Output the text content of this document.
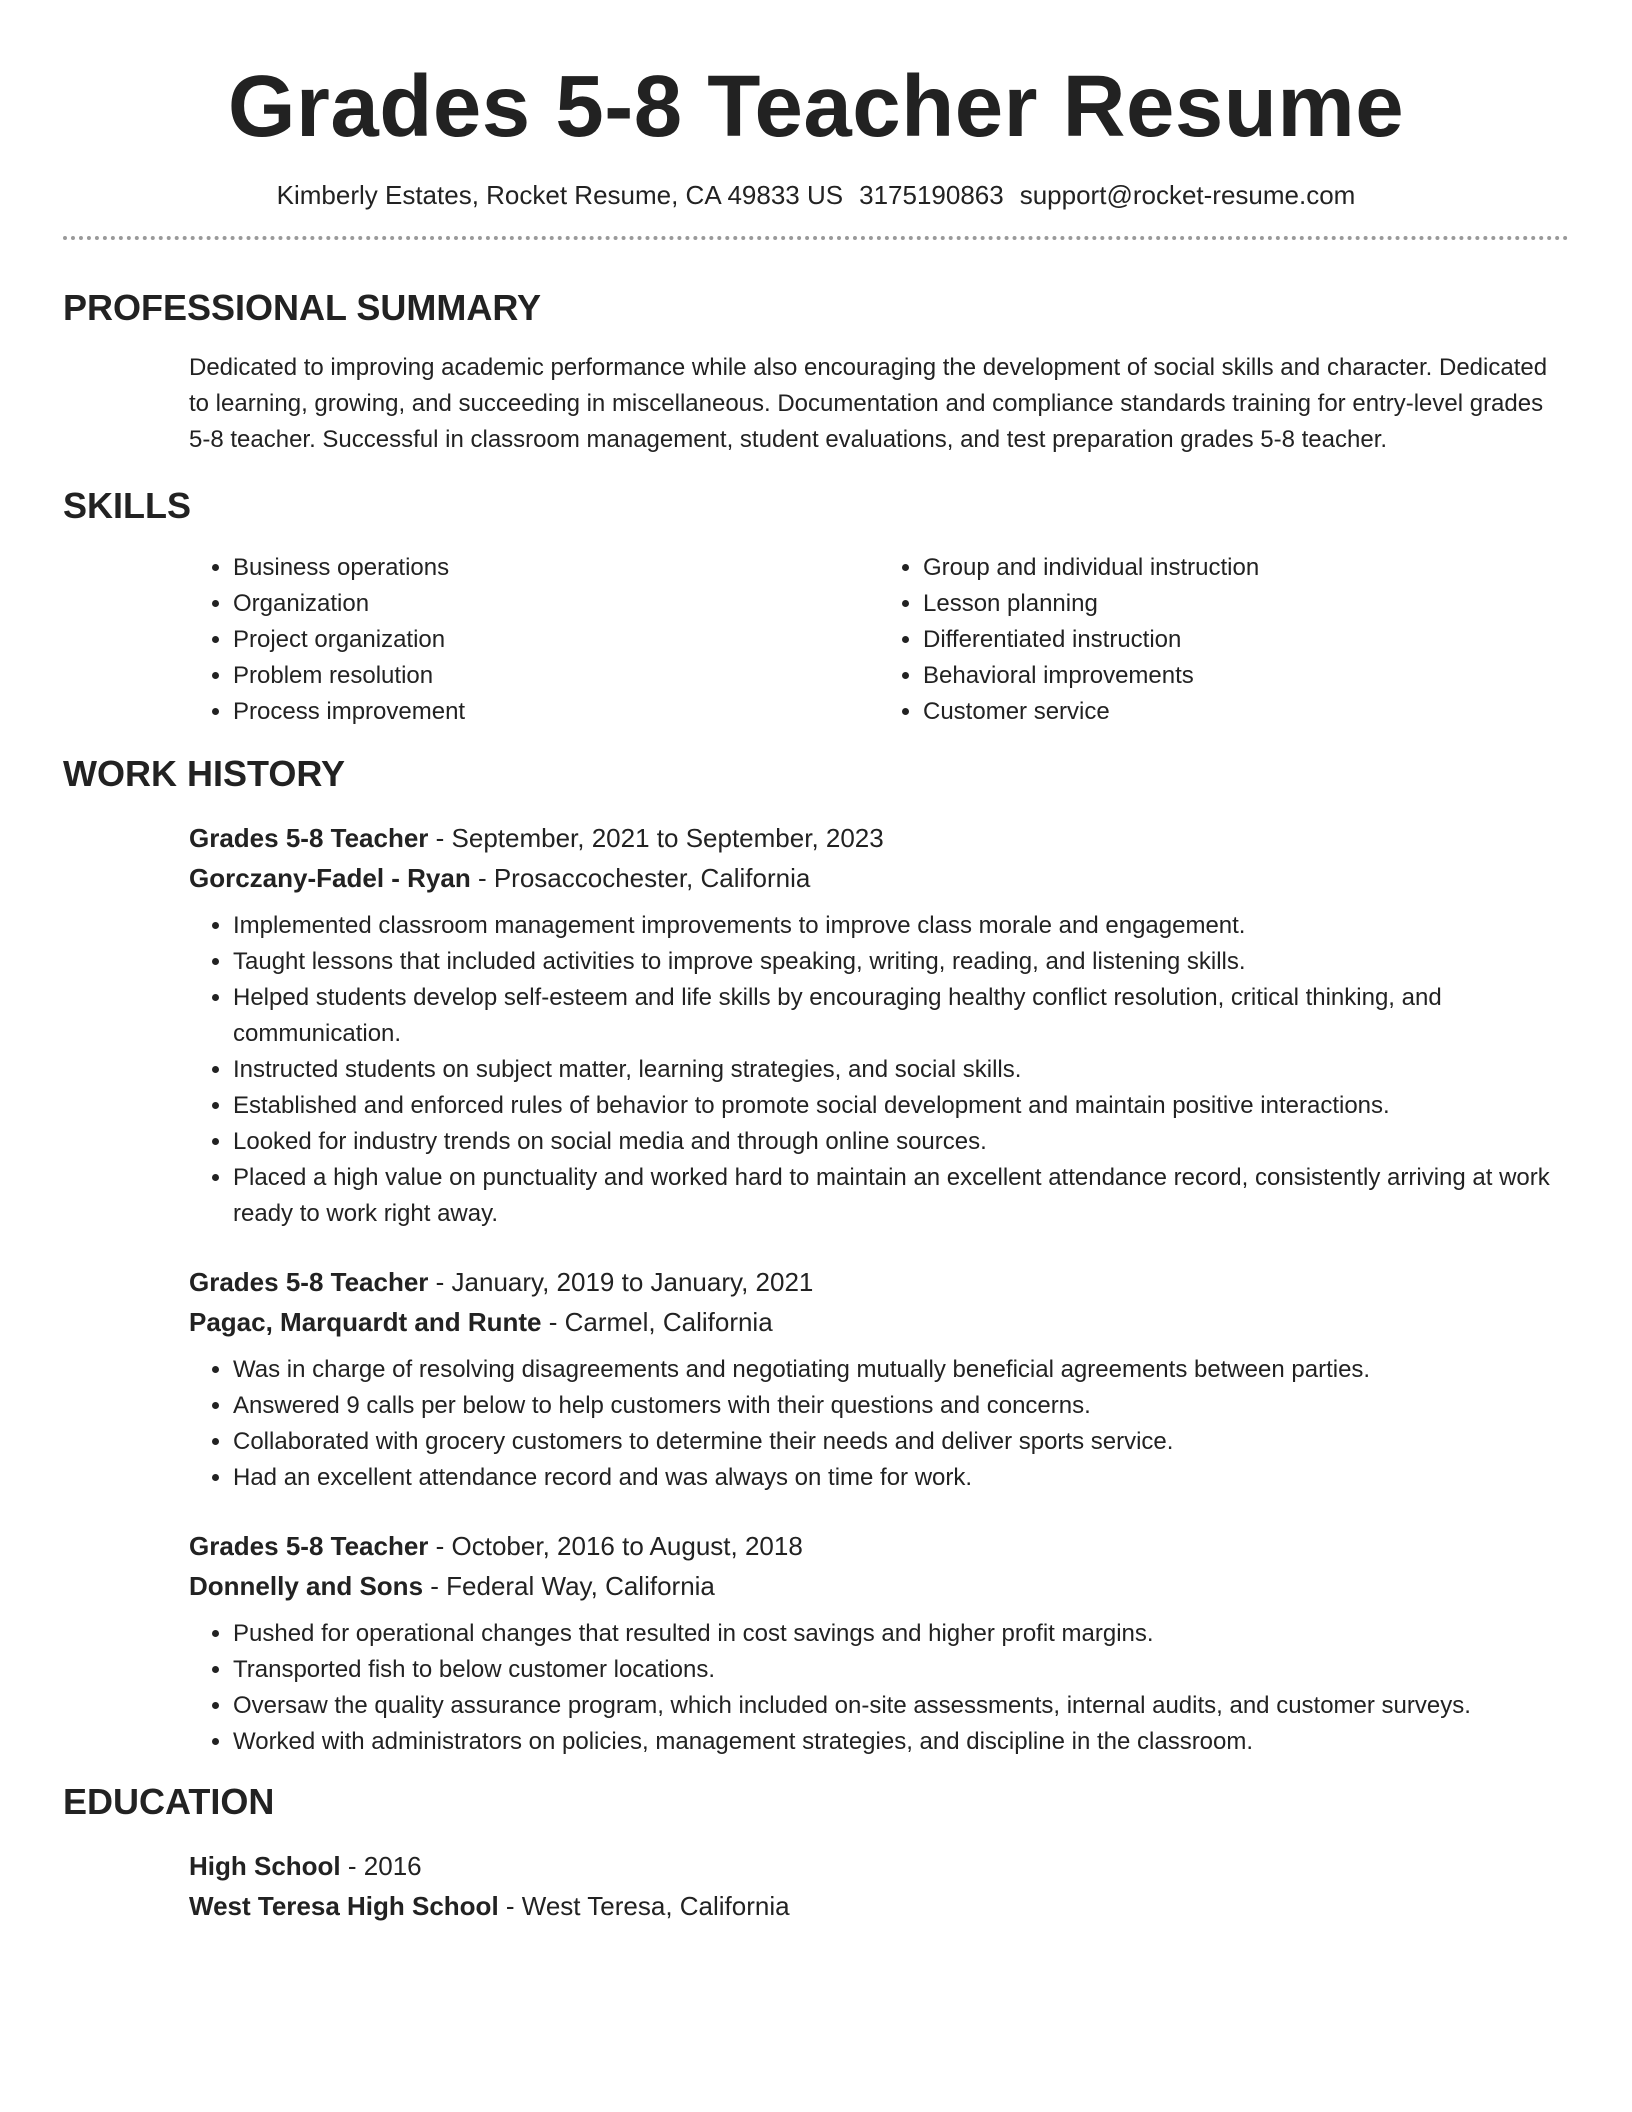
Grades 5-8 Teacher Resume
Kimberly Estates, Rocket Resume, CA 49833 US 3175190863 support@rocket-resume.com
PROFESSIONAL SUMMARY
Dedicated to improving academic performance while also encouraging the development of social skills and character. Dedicated to learning, growing, and succeeding in miscellaneous. Documentation and compliance standards training for entry-level grades 5-8 teacher. Successful in classroom management, student evaluations, and test preparation grades 5-8 teacher.
SKILLS
• Business operations
• Organization
• Project organization
• Problem resolution
• Process improvement
• Group and individual instruction
• Lesson planning
• Differentiated instruction
• Behavioral improvements
• Customer service
WORK HISTORY
Grades 5-8 Teacher - September, 2021 to September, 2023
Gorczany-Fadel - Ryan - Prosaccochester, California
• Implemented classroom management improvements to improve class morale and engagement.
• Taught lessons that included activities to improve speaking, writing, reading, and listening skills.
• Helped students develop self-esteem and life skills by encouraging healthy conflict resolution, critical thinking, and communication.
• Instructed students on subject matter, learning strategies, and social skills.
• Established and enforced rules of behavior to promote social development and maintain positive interactions.
• Looked for industry trends on social media and through online sources.
• Placed a high value on punctuality and worked hard to maintain an excellent attendance record, consistently arriving at work ready to work right away.
Grades 5-8 Teacher - January, 2019 to January, 2021
Pagac, Marquardt and Runte - Carmel, California
• Was in charge of resolving disagreements and negotiating mutually beneficial agreements between parties.
• Answered 9 calls per below to help customers with their questions and concerns.
• Collaborated with grocery customers to determine their needs and deliver sports service.
• Had an excellent attendance record and was always on time for work.
Grades 5-8 Teacher - October, 2016 to August, 2018
Donnelly and Sons - Federal Way, California
• Pushed for operational changes that resulted in cost savings and higher profit margins.
• Transported fish to below customer locations.
• Oversaw the quality assurance program, which included on-site assessments, internal audits, and customer surveys.
• Worked with administrators on policies, management strategies, and discipline in the classroom.
EDUCATION
High School - 2016
West Teresa High School - West Teresa, California
